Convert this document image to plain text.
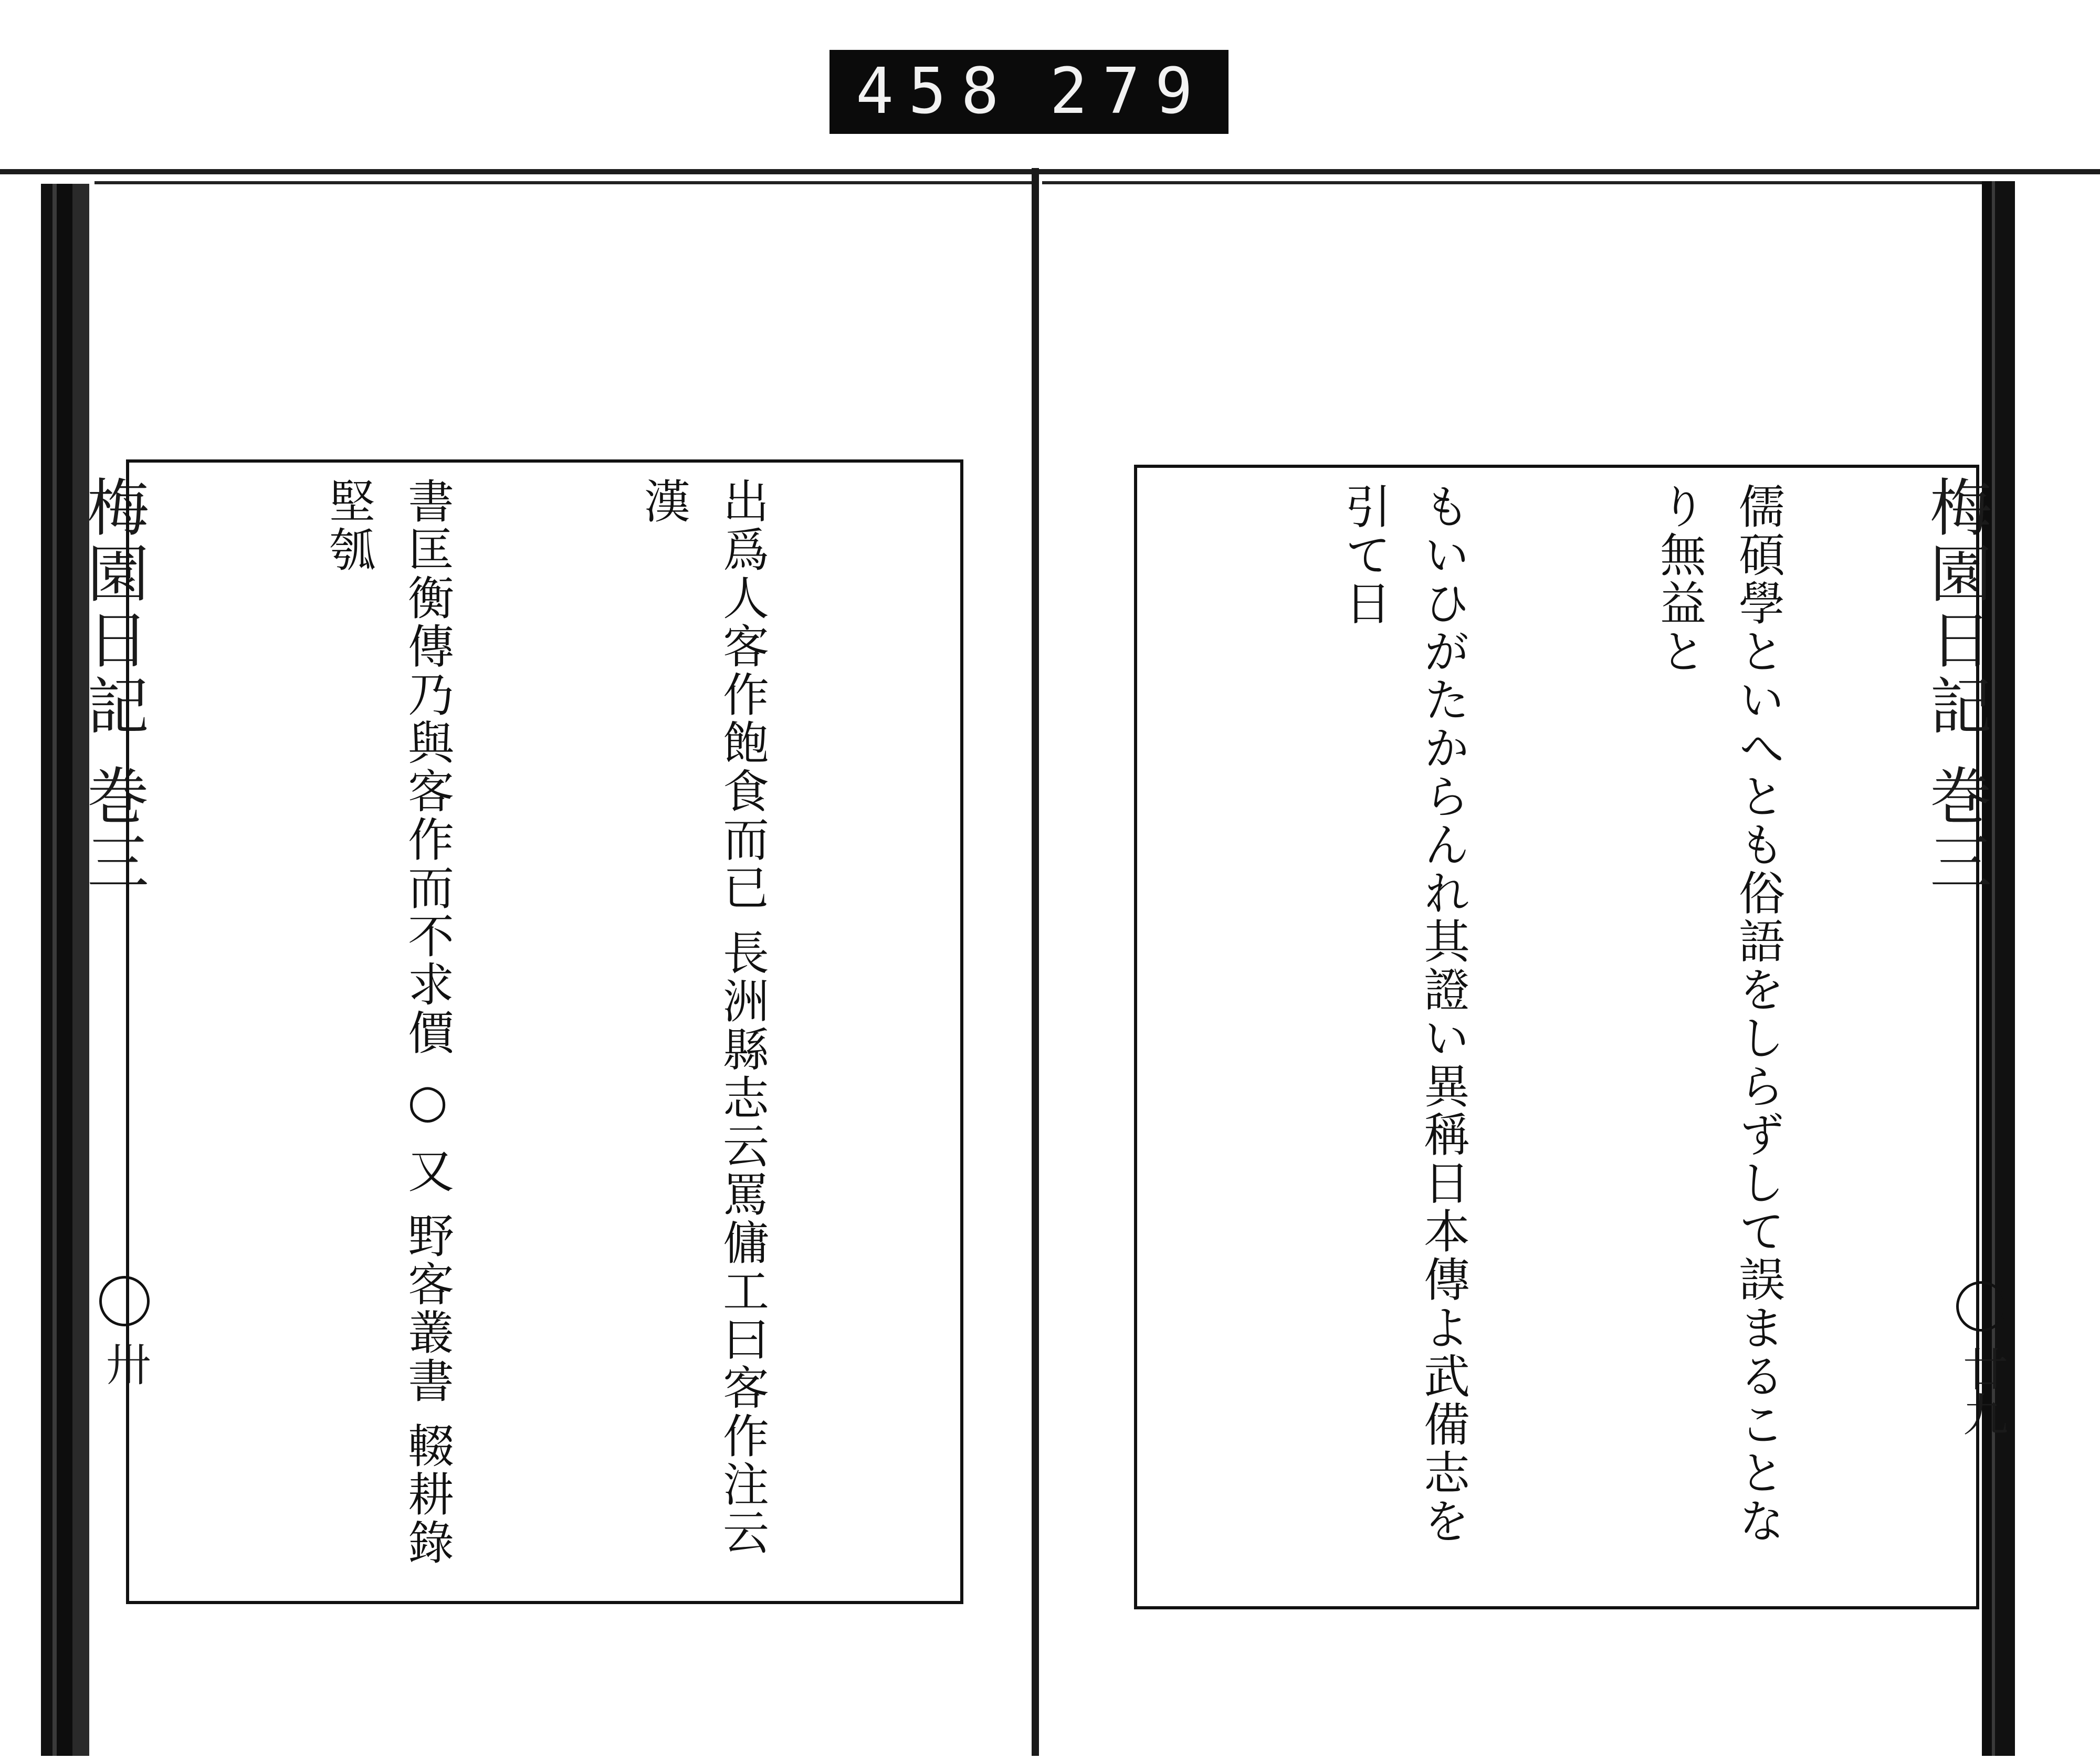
458 279
梅園日記 巻三
卅
梅園日記 巻三
廿九

出爲人客作飽食而已 長洲縣志云罵傭工曰客作注云漢

書匡衡傳乃與客作而不求價 ○ 又 野客叢書 輟耕錄 堅瓠

	儒碩學といへとも俗語をしらずして誤まることなり無益と

もいひがたからんれ其證い異稱日本傳よ武備志を引て日
